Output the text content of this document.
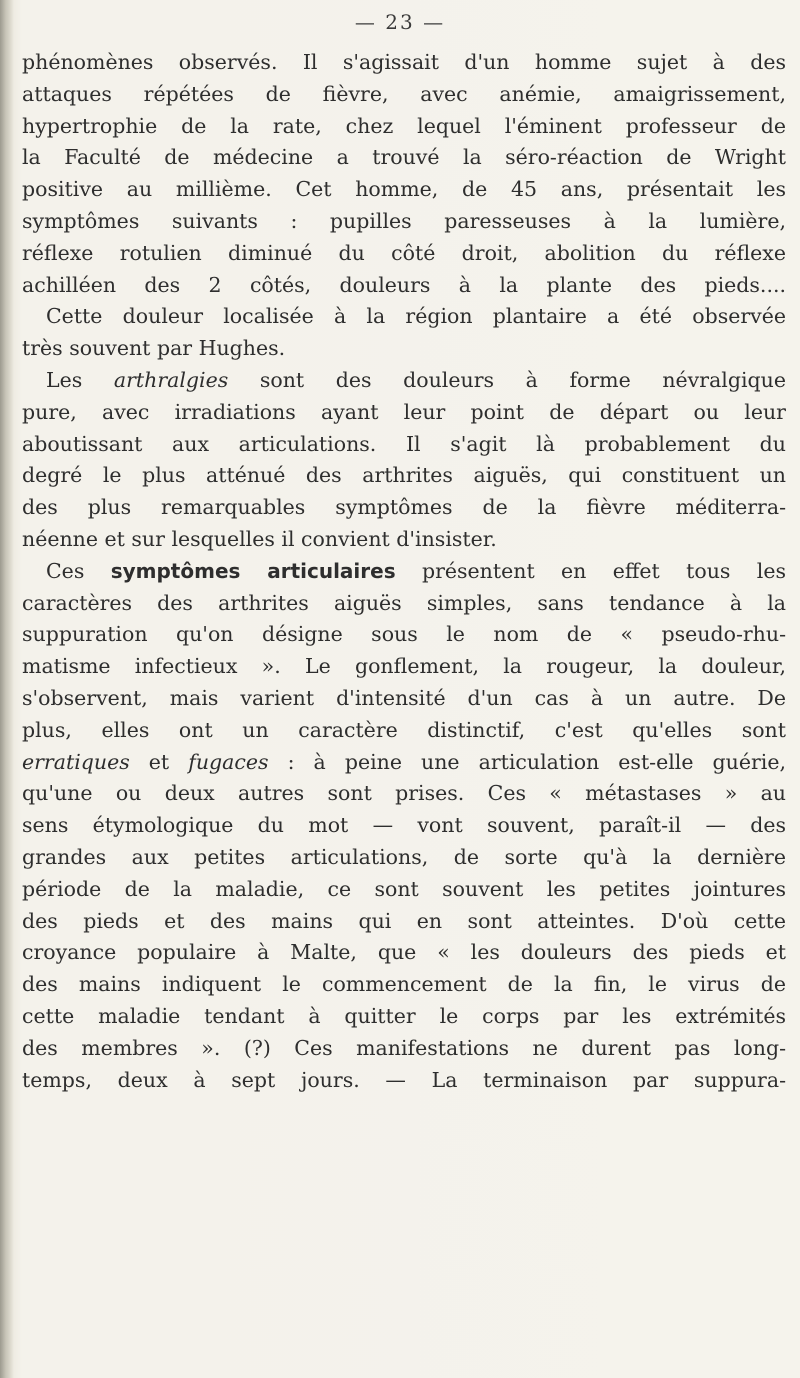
— 23 —
phénomènes observés. Il s'agissait d'un homme sujet à des
attaques répétées de fièvre, avec anémie, amaigrissement,
hypertrophie de la rate, chez lequel l'éminent professeur de
la Faculté de médecine a trouvé la séro-réaction de Wright
positive au millième. Cet homme, de 45 ans, présentait les
symptômes suivants : pupilles paresseuses à la lumière,
réflexe rotulien diminué du côté droit, abolition du réflexe
achilléen des 2 côtés, douleurs à la plante des pieds....
Cette douleur localisée à la région plantaire a été observée
très souvent par Hughes.
Les arthralgies sont des douleurs à forme névralgique
pure, avec irradiations ayant leur point de départ ou leur
aboutissant aux articulations. Il s'agit là probablement du
degré le plus atténué des arthrites aiguës, qui constituent un
des plus remarquables symptômes de la fièvre méditerra-
néenne et sur lesquelles il convient d'insister.
Ces symptômes articulaires présentent en effet tous les
caractères des arthrites aiguës simples, sans tendance à la
suppuration qu'on désigne sous le nom de « pseudo-rhu-
matisme infectieux ». Le gonflement, la rougeur, la douleur,
s'observent, mais varient d'intensité d'un cas à un autre. De
plus, elles ont un caractère distinctif, c'est qu'elles sont
erratiques et fugaces : à peine une articulation est-elle guérie,
qu'une ou deux autres sont prises. Ces « métastases » au
sens étymologique du mot — vont souvent, paraît-il — des
grandes aux petites articulations, de sorte qu'à la dernière
période de la maladie, ce sont souvent les petites jointures
des pieds et des mains qui en sont atteintes. D'où cette
croyance populaire à Malte, que « les douleurs des pieds et
des mains indiquent le commencement de la fin, le virus de
cette maladie tendant à quitter le corps par les extrémités
des membres ». (?) Ces manifestations ne durent pas long-
temps, deux à sept jours. — La terminaison par suppura-
